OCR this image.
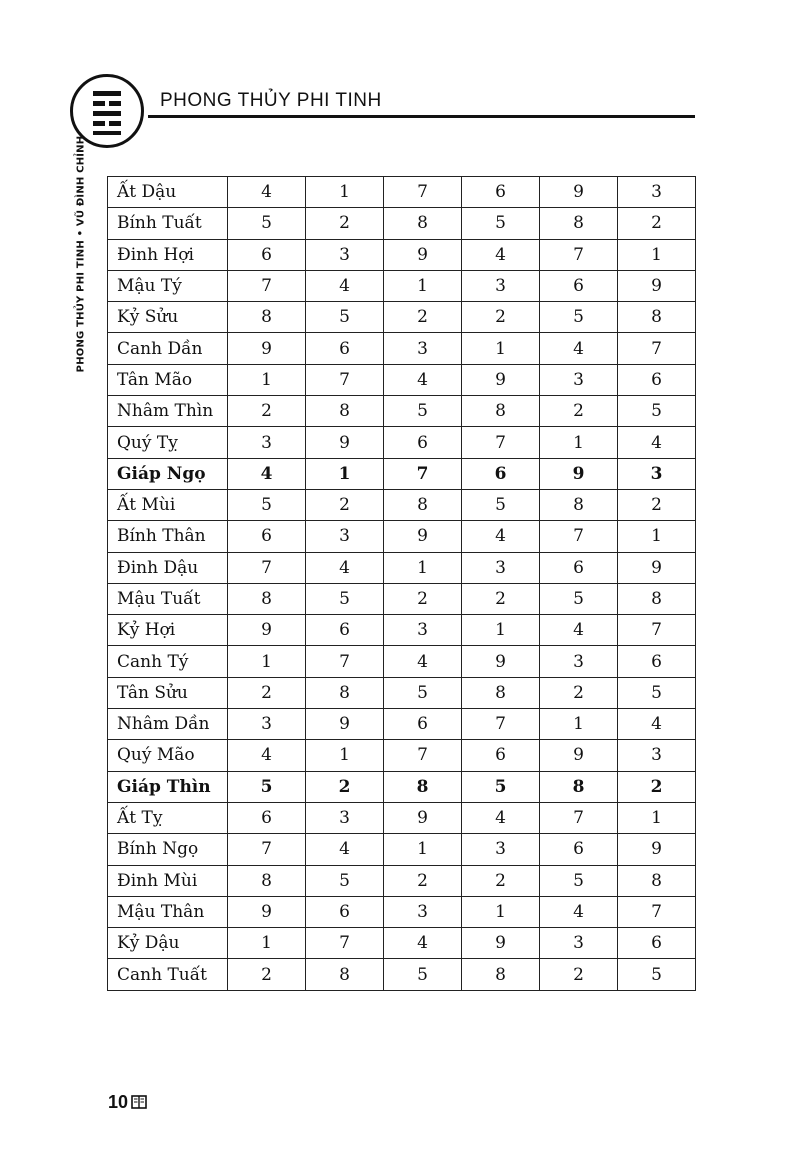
PHONG THỦY PHI TINH
PHONG THỦY PHI TINH • VŨ ĐÌNH CHỈNH Ất Dậu	4	1	7	6	9	3
Bính Tuất	5	2	8	5	8	2
Đinh Hợi	6	3	9	4	7	1
Mậu Tý	7	4	1	3	6	9
Kỷ Sửu	8	5	2	2	5	8
Canh Dần	9	6	3	1	4	7
Tân Mão	1	7	4	9	3	6
Nhâm Thìn	2	8	5	8	2	5
Quý Tỵ	3	9	6	7	1	4
Giáp Ngọ	4	1	7	6	9	3
Ất Mùi	5	2	8	5	8	2
Bính Thân	6	3	9	4	7	1
Đinh Dậu	7	4	1	3	6	9
Mậu Tuất	8	5	2	2	5	8
Kỷ Hợi	9	6	3	1	4	7
Canh Tý	1	7	4	9	3	6
Tân Sửu	2	8	5	8	2	5
Nhâm Dần	3	9	6	7	1	4
Quý Mão	4	1	7	6	9	3
Giáp Thìn	5	2	8	5	8	2
Ất Tỵ	6	3	9	4	7	1
Bính Ngọ	7	4	1	3	6	9
Đinh Mùi	8	5	2	2	5	8
Mậu Thân	9	6	3	1	4	7
Kỷ Dậu	1	7	4	9	3	6
Canh Tuất	2	8	5	8	2	5
10
